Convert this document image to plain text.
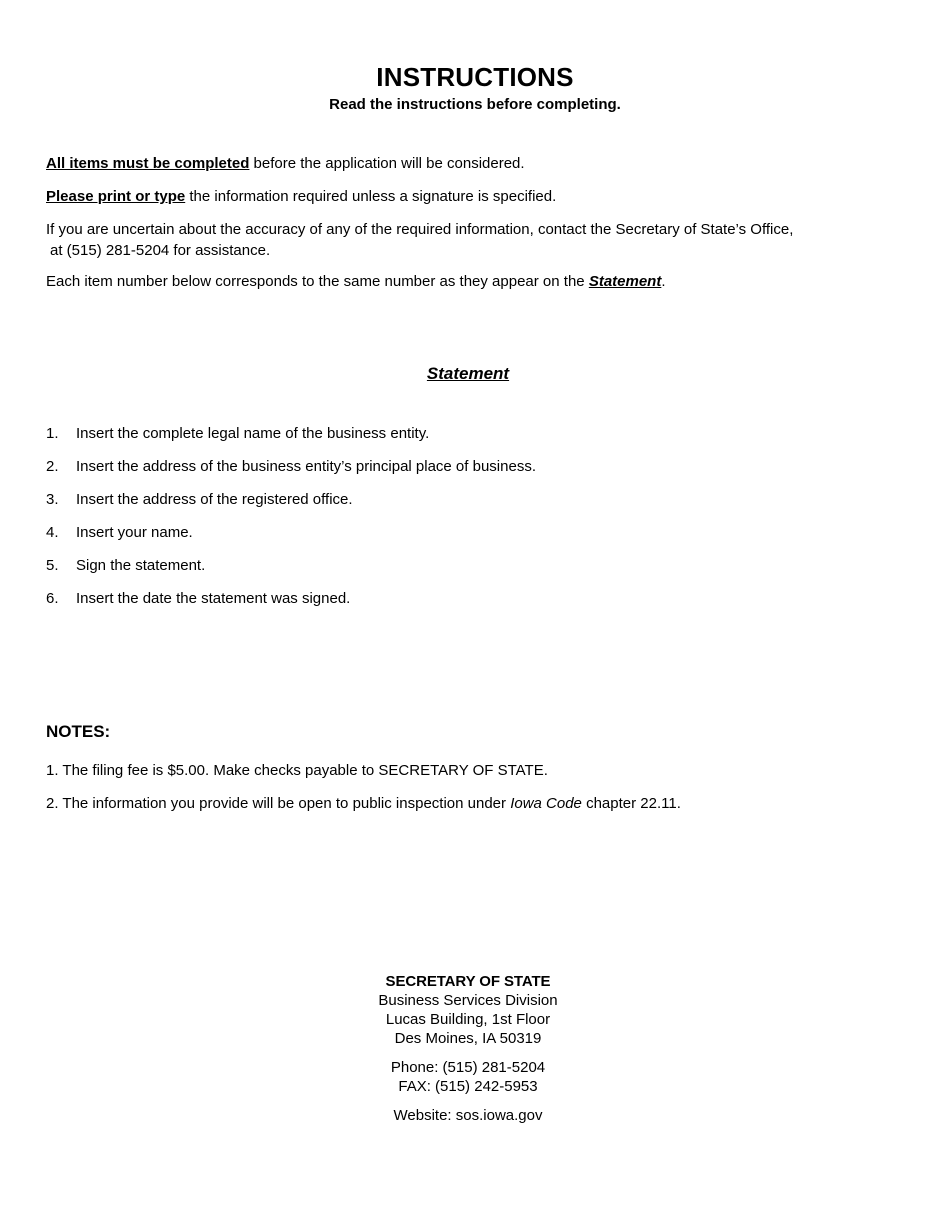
INSTRUCTIONS
Read the instructions before completing.
All items must be completed before the application will be considered.
Please print or type the information required unless a signature is specified.
If you are uncertain about the accuracy of any of the required information, contact the Secretary of State’s Office,
at (515) 281-5204 for assistance.
Each item number below corresponds to the same number as they appear on the Statement.
Statement
1.	Insert the complete legal name of the business entity.
2.	Insert the address of the business entity’s principal place of business.
3.	Insert the address of the registered office.
4.	Insert your name.
5.	Sign the statement.
6.	Insert the date the statement was signed.
NOTES:
1. The filing fee is $5.00. Make checks payable to SECRETARY OF STATE.
2. The information you provide will be open to public inspection under Iowa Code chapter 22.11.
SECRETARY OF STATE
Business Services Division
Lucas Building, 1st Floor
Des Moines, IA 50319
Phone: (515) 281-5204
FAX: (515) 242-5953
Website: sos.iowa.gov
